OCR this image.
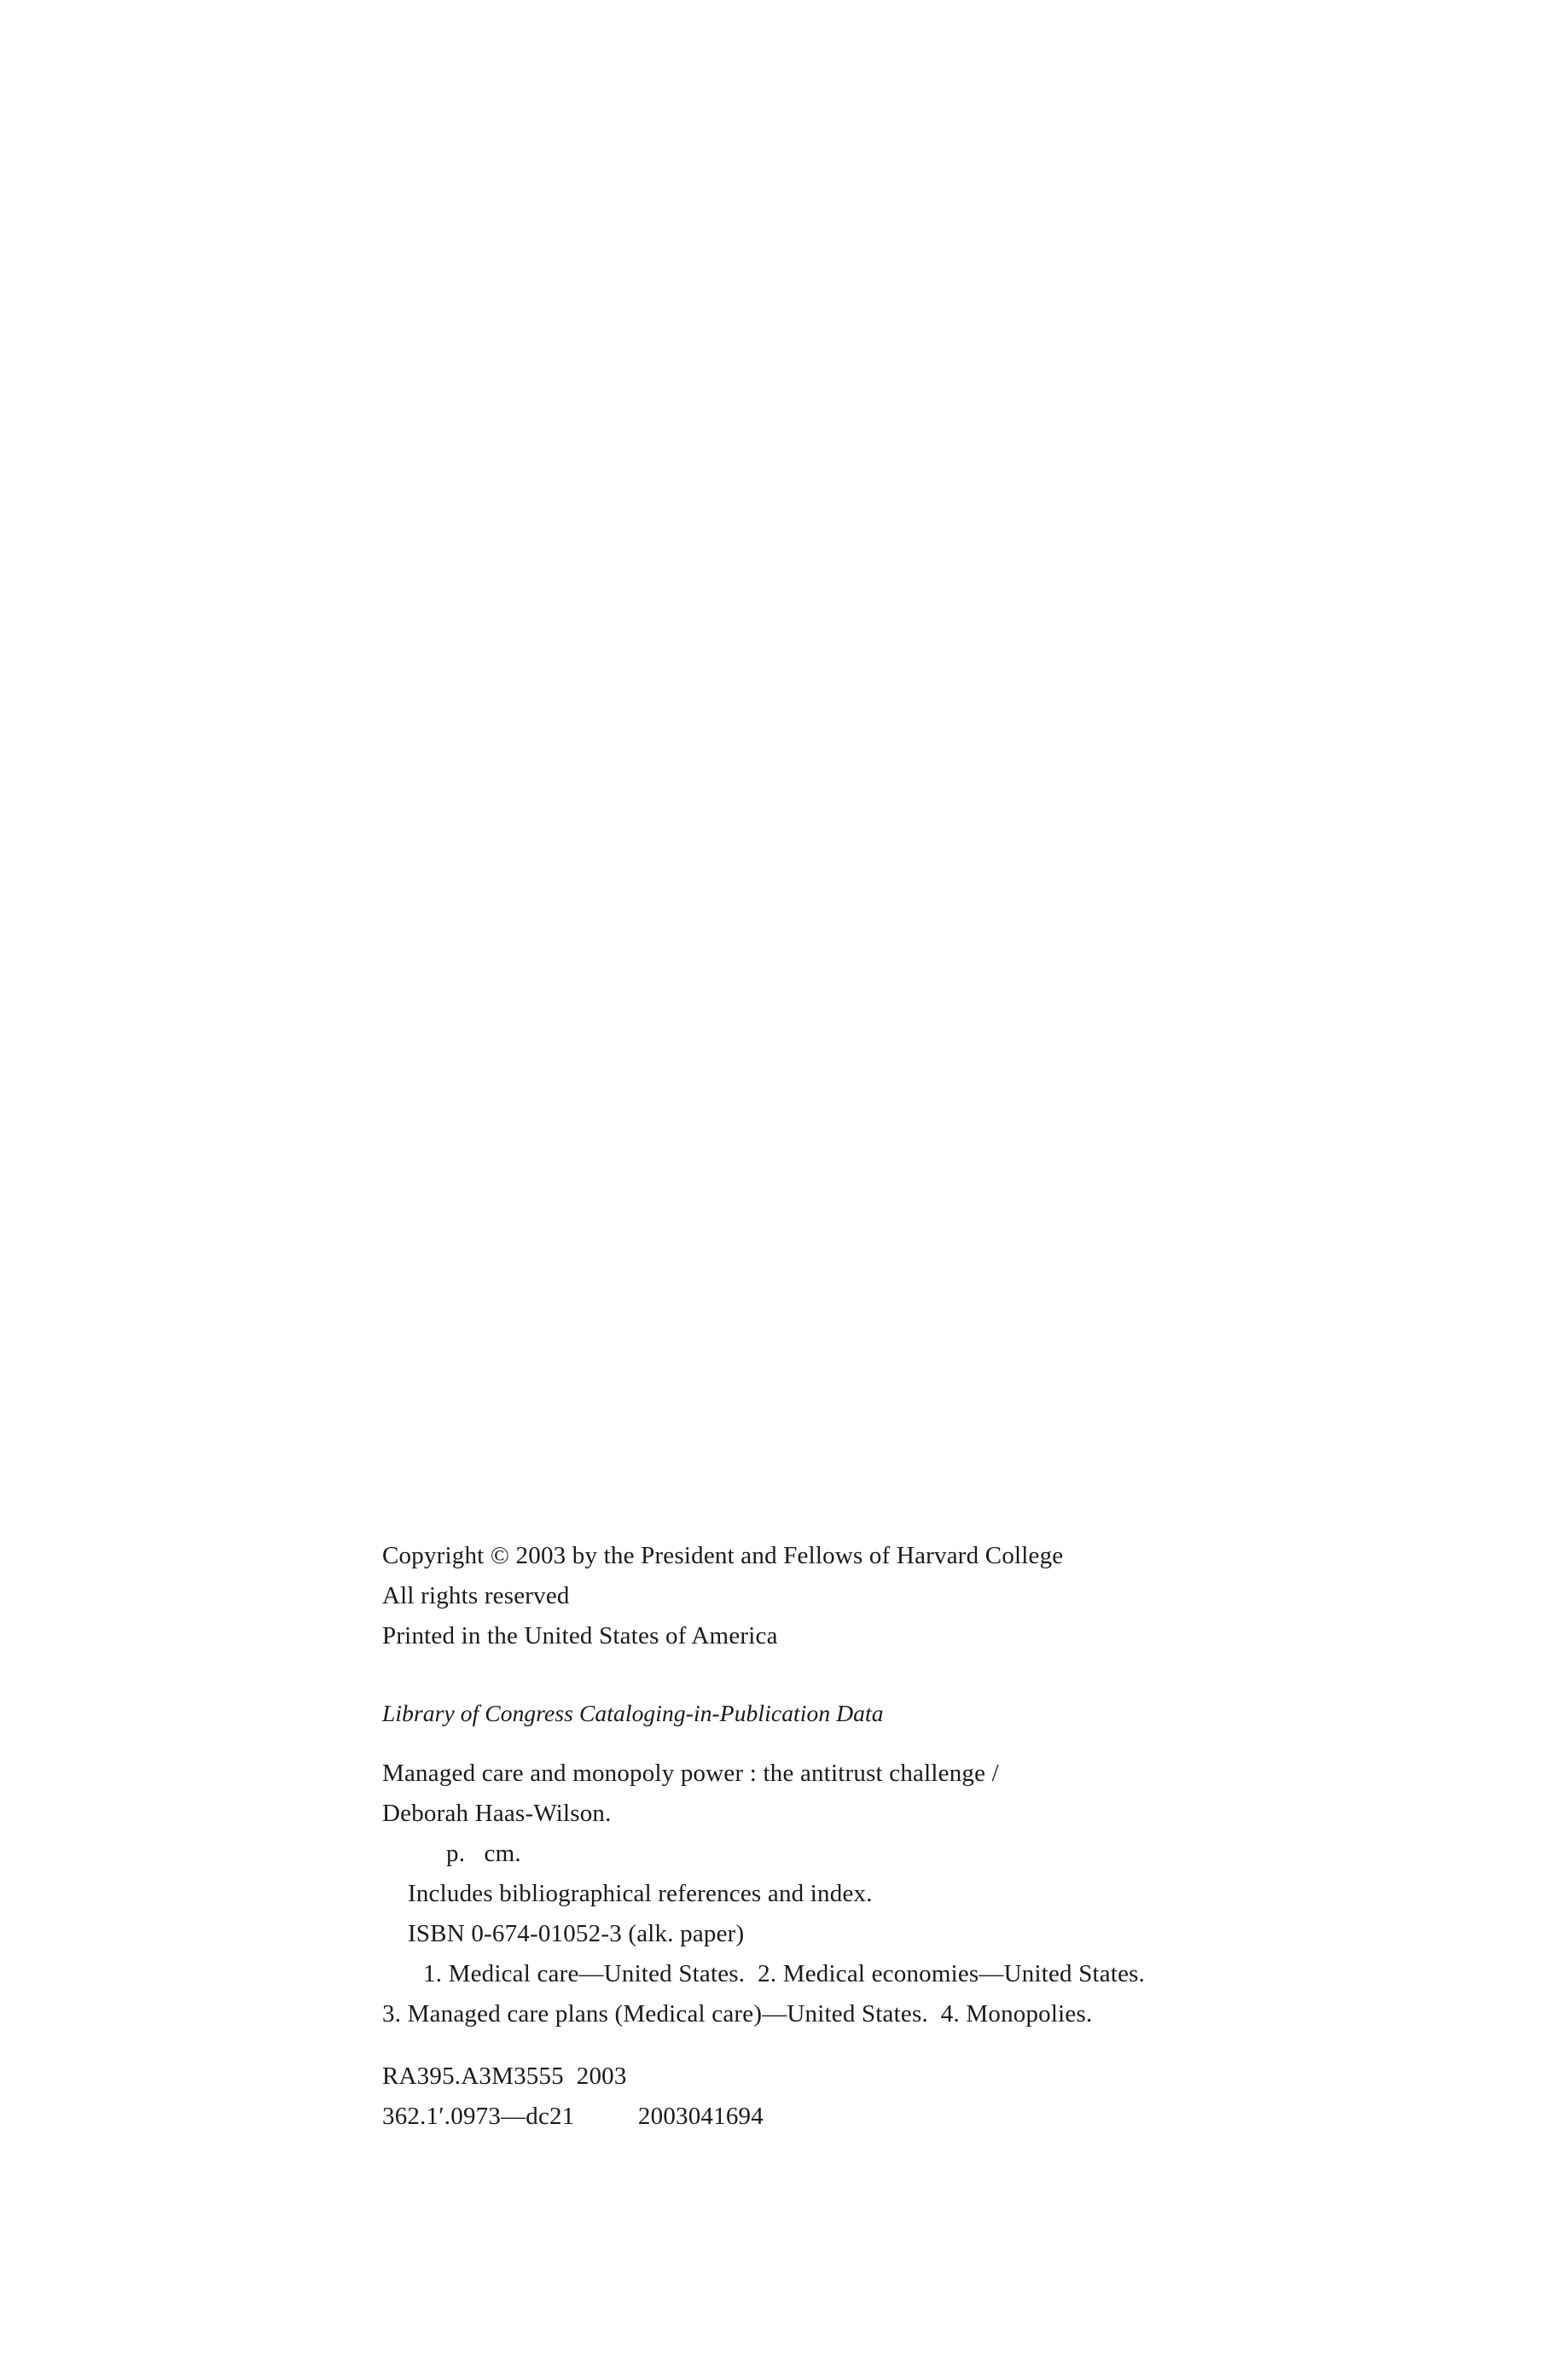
Copyright © 2003 by the President and Fellows of Harvard College
All rights reserved
Printed in the United States of America
Library of Congress Cataloging-in-Publication Data
Managed care and monopoly power : the antitrust challenge /
Deborah Haas-Wilson.
p.   cm.
Includes bibliographical references and index.
ISBN 0-674-01052-3 (alk. paper)
1. Medical care—United States.  2. Medical economies—United States.
3. Managed care plans (Medical care)—United States.  4. Monopolies.
RA395.A3M3555  2003
362.1′.0973—dc21          2003041694
